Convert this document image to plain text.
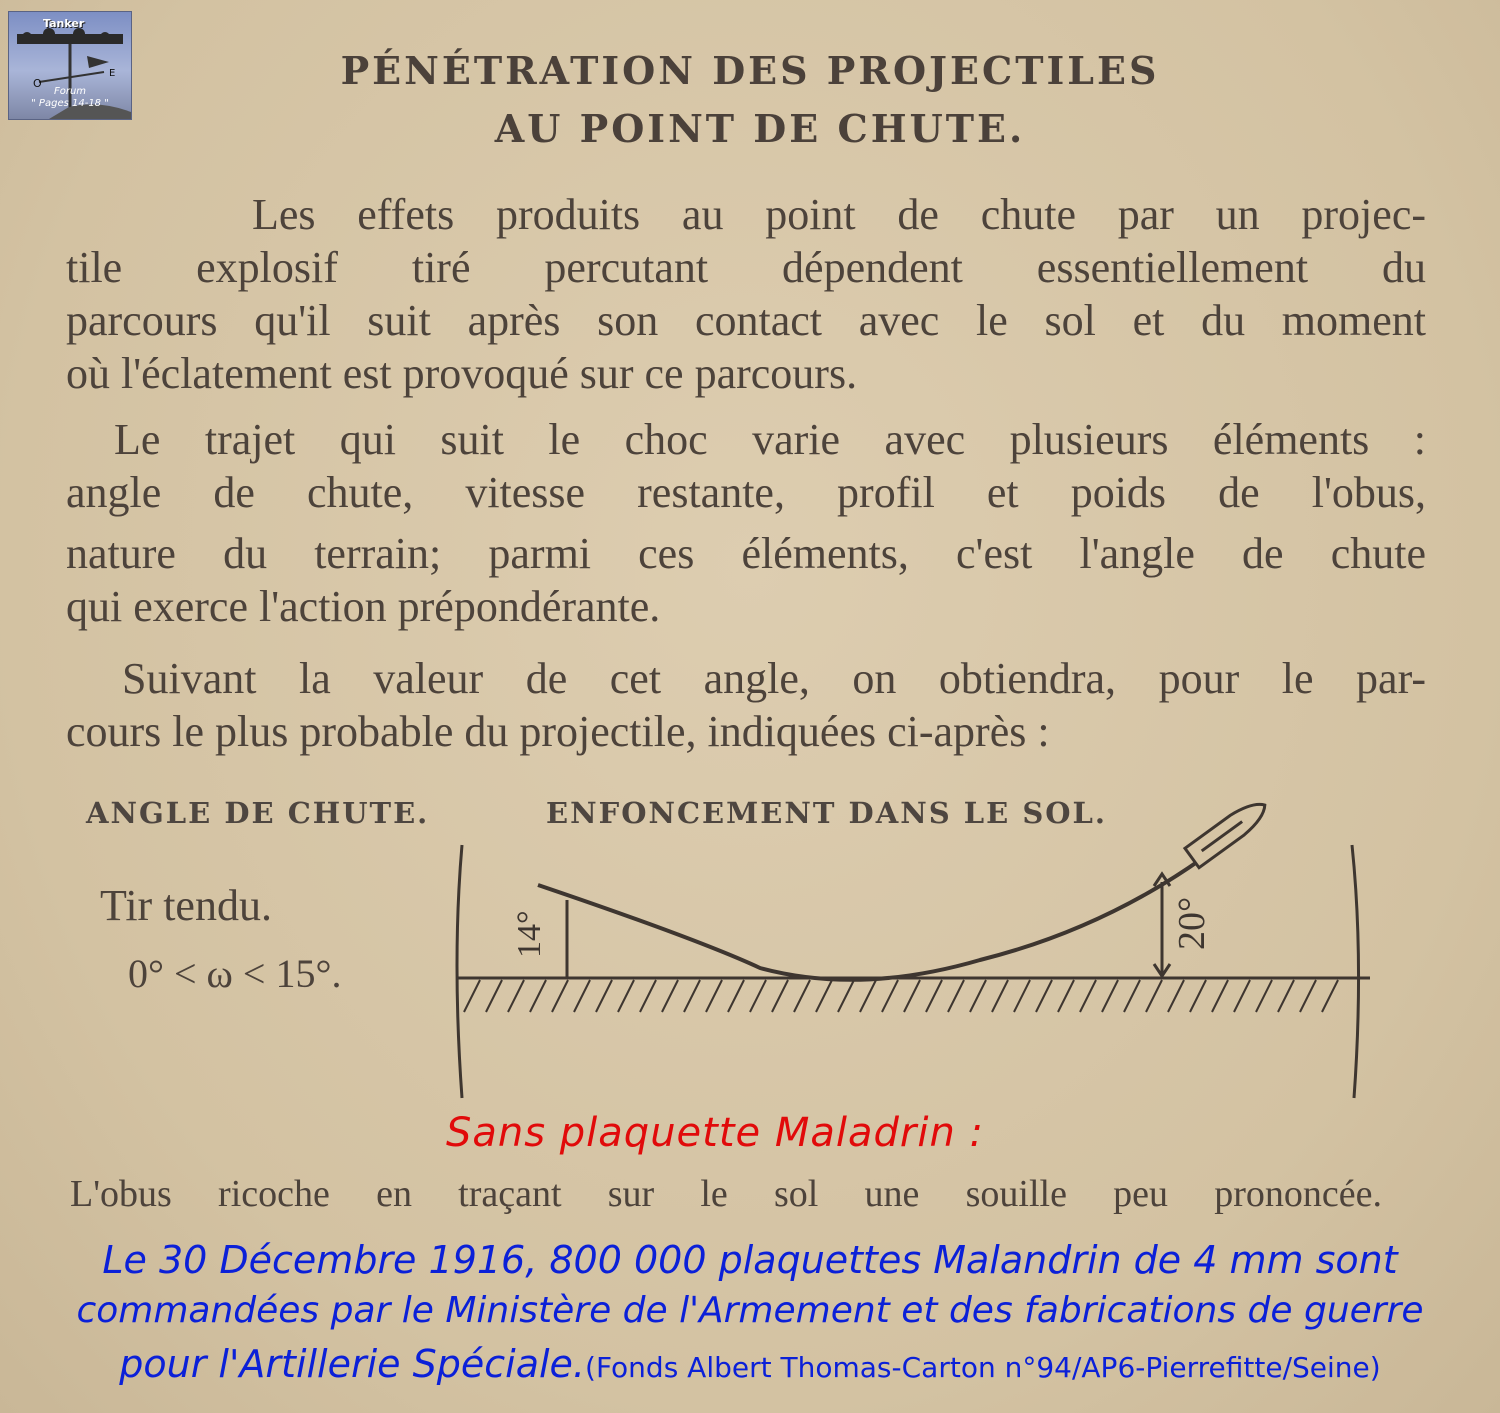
O
E
Tanker
Forum
" Pages 14-18 "
PÉNÉTRATION DES PROJECTILES
AU POINT DE CHUTE.
Les effets produits au point de chute par un projec-
tile explosif tiré percutant dépendent essentiellement du
parcours qu'il suit après son contact avec le sol et du moment
où l'éclatement est provoqué sur ce parcours.
Le trajet qui suit le choc varie avec plusieurs éléments :
angle de chute, vitesse restante, profil et poids de l'obus,
nature du terrain; parmi ces éléments, c'est l'angle de chute
qui exerce l'action prépondérante.
Suivant la valeur de cet angle, on obtiendra, pour le par-
cours le plus probable du projectile, indiquées ci-après :
ANGLE DE CHUTE.	ENFONCEMENT DANS LE SOL.
Tir tendu.
0° < ω < 15°.
14°	20°
Sans plaquette Maladrin :
L'obus ricoche en traçant sur le sol une souille peu prononcée.
Le 30 Décembre 1916, 800 000 plaquettes Malandrin de 4 mm sont
commandées par le Ministère de l'Armement et des fabrications de guerre
pour l'Artillerie Spéciale.(Fonds Albert Thomas-Carton n°94/AP6-Pierrefitte/Seine)
